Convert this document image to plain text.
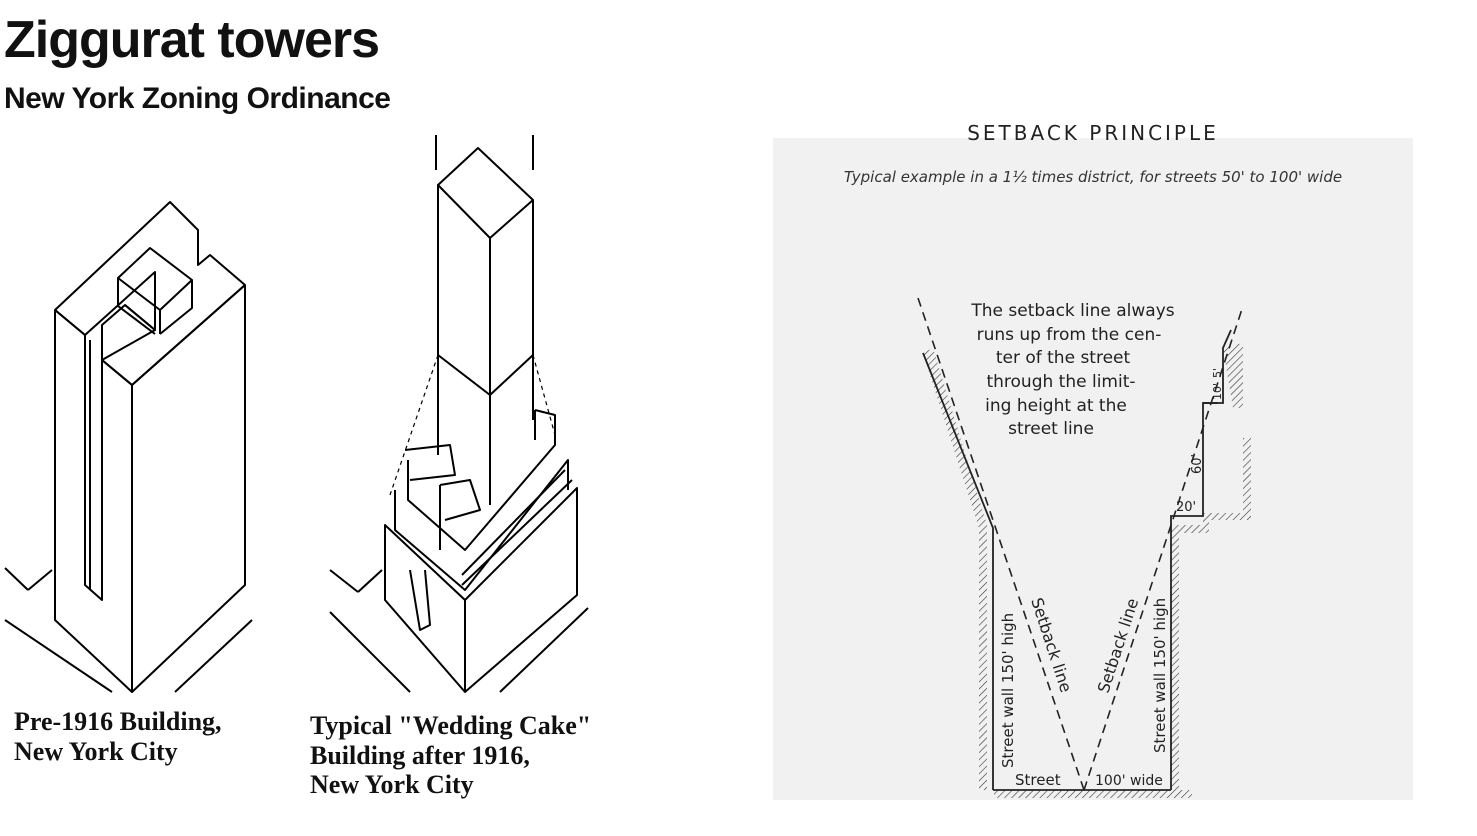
Ziggurat towers
New York Zoning Ordinance
Pre-1916 Building,
New York City
Typical "Wedding Cake"
Building after 1916,
New York City
SETBACK PRINCIPLE
Typical example in a 1½ times district, for streets 50' to 100' wide
The setback line always
runs up from the cen-
ter of the street
through the limit-
ing height at the
street line
Street wall 150' high Setback line Setback line Street wall 150' high
Street 100' wide
20'
60'
5'
10'
